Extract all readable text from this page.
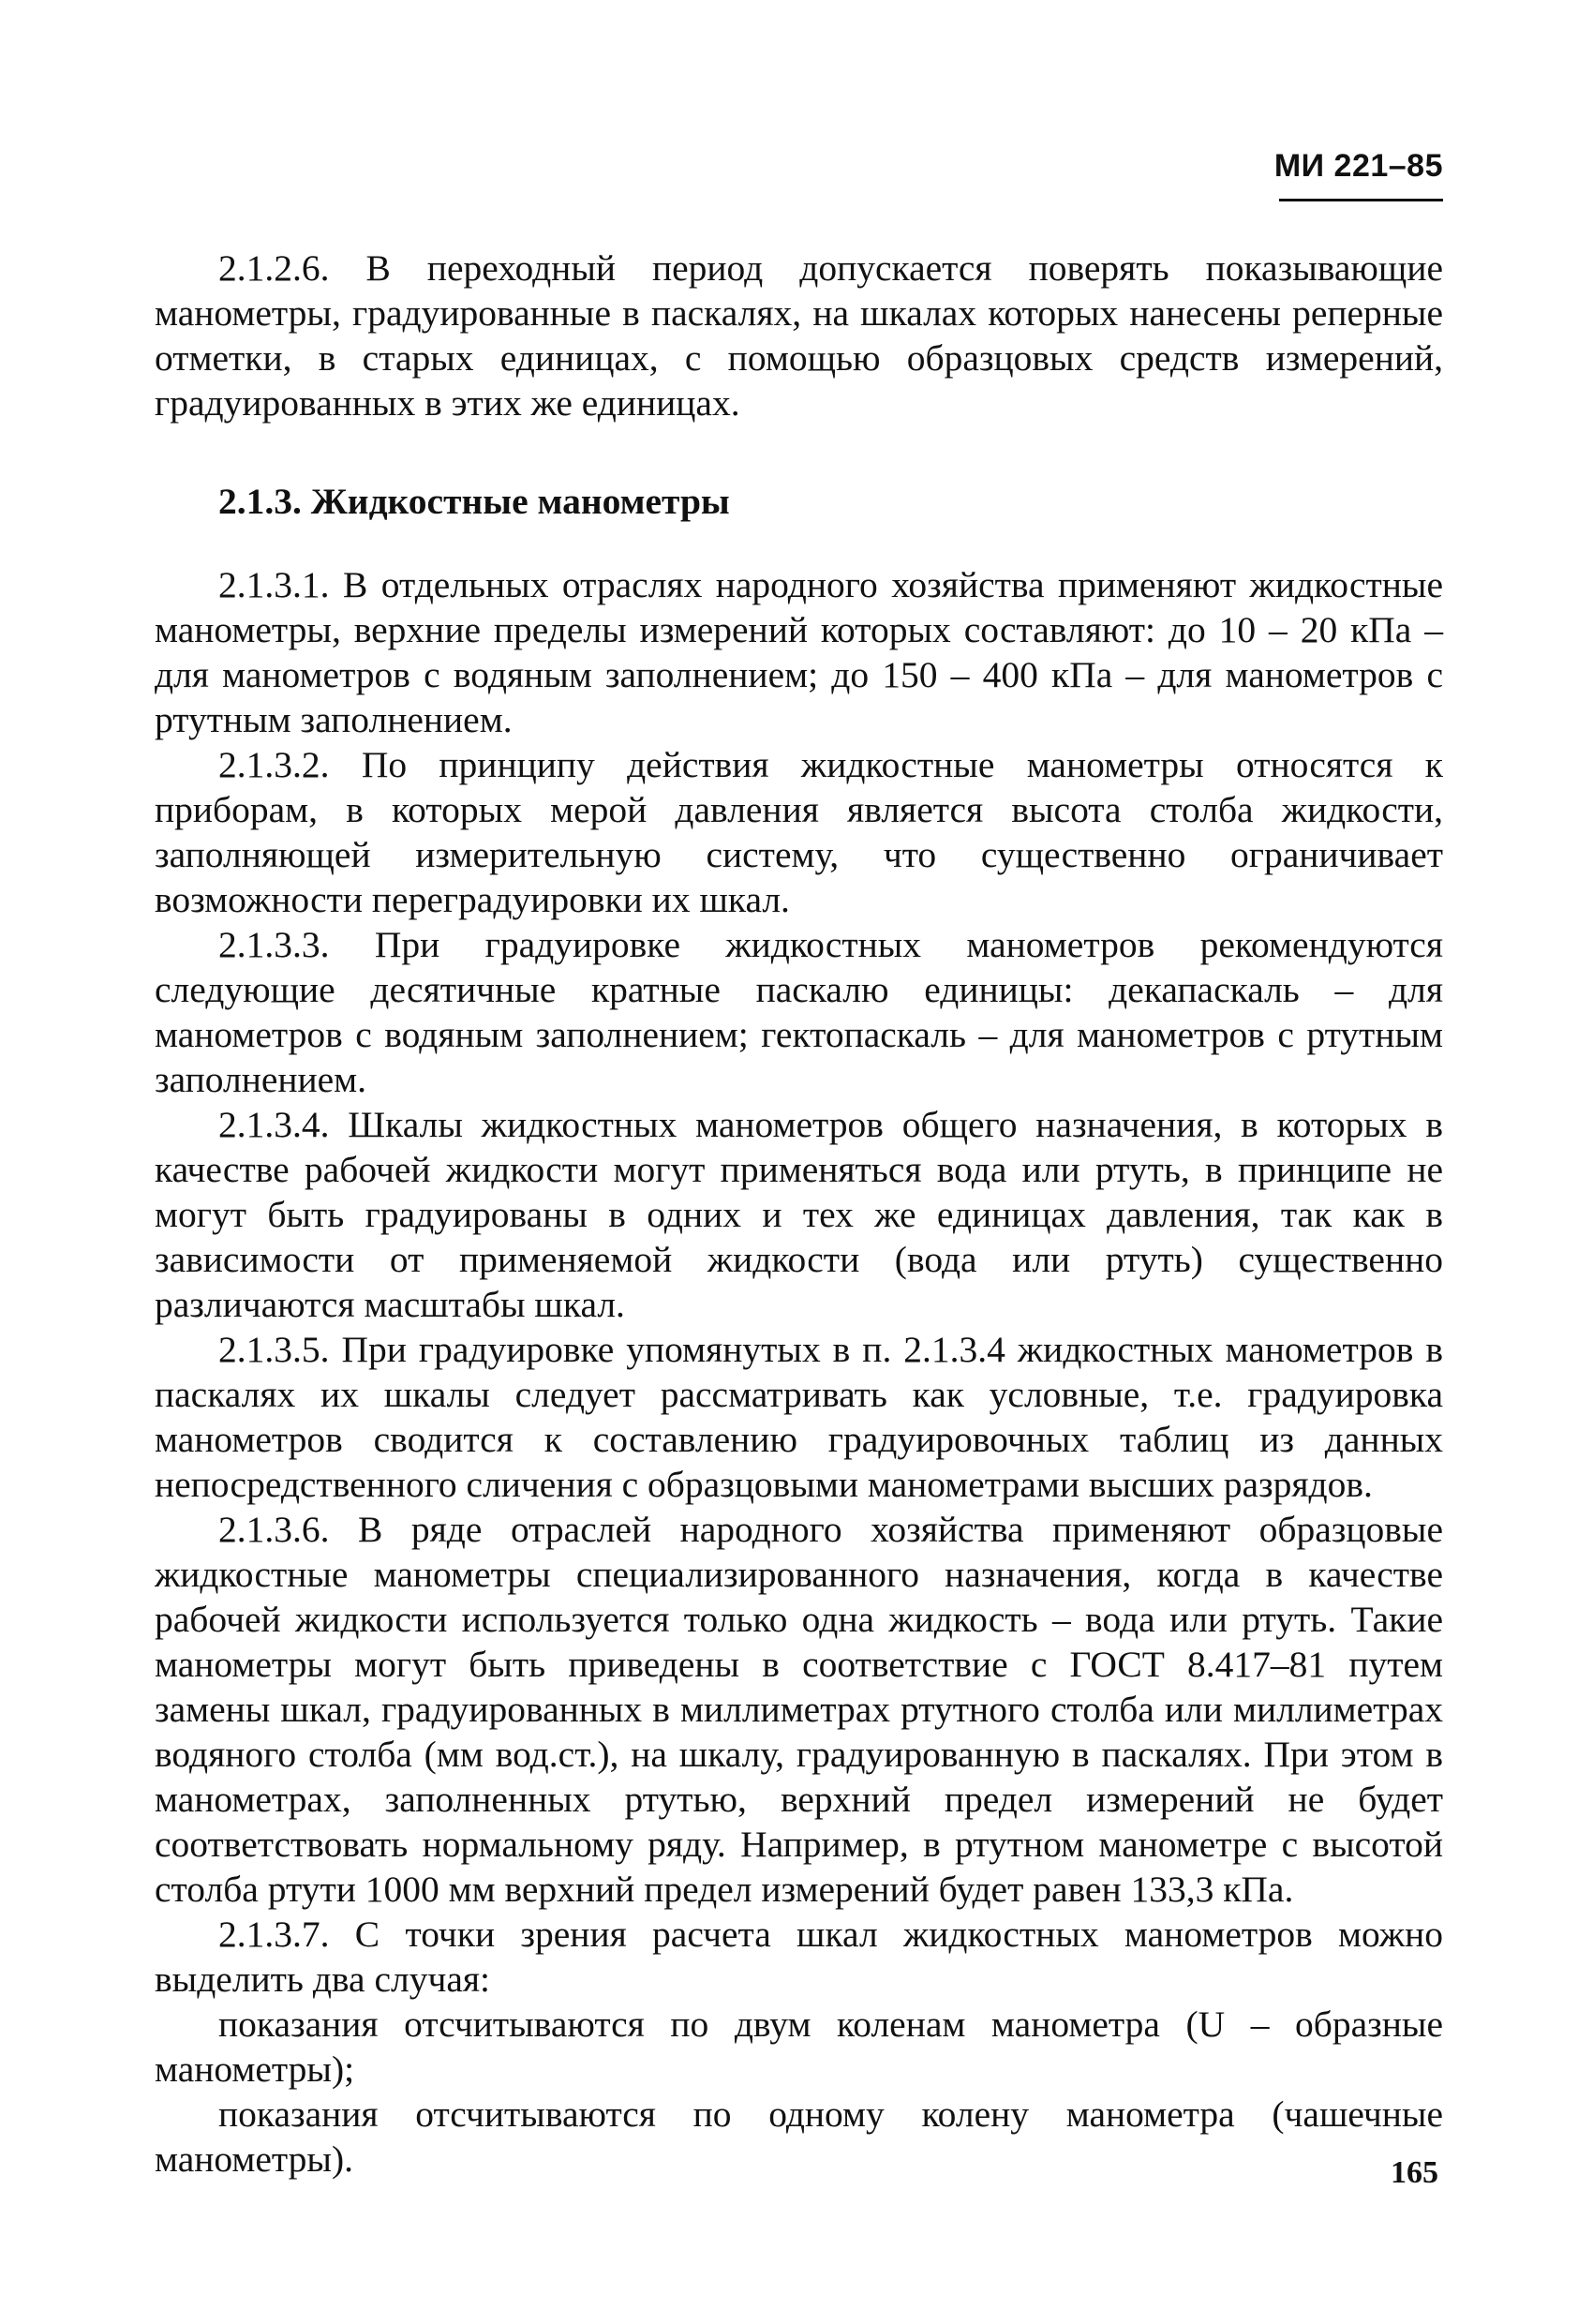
МИ 221–85

2.1.2.6. В переходный период допускается поверять показывающие манометры, градуированные в паскалях, на шкалах которых нанесены реперные отметки, в старых единицах, с помощью образцовых средств измерений, градуированных в этих же единицах.

2.1.3. Жидкостные манометры

2.1.3.1. В отдельных отраслях народного хозяйства применяют жидкостные манометры, верхние пределы измерений которых составляют: до 10 – 20 кПа – для манометров с водяным заполнением; до 150 – 400 кПа – для манометров с ртутным заполнением.

2.1.3.2. По принципу действия жидкостные манометры относятся к приборам, в которых мерой давления является высота столба жидкости, заполняющей измерительную систему, что существенно ограничивает возможности переградуировки их шкал.

2.1.3.3. При градуировке жидкостных манометров рекомендуются следующие десятичные кратные паскалю единицы: декапаскаль – для манометров с водяным заполнением; гектопаскаль – для манометров с ртутным заполнением.

2.1.3.4. Шкалы жидкостных манометров общего назначения, в которых в качестве рабочей жидкости могут применяться вода или ртуть, в принципе не могут быть градуированы в одних и тех же единицах давления, так как в зависимости от применяемой жидкости (вода или ртуть) существенно различаются масштабы шкал.

2.1.3.5. При градуировке упомянутых в п. 2.1.3.4 жидкостных манометров в паскалях их шкалы следует рассматривать как условные, т.е. градуировка манометров сводится к составлению градуировочных таблиц из данных непосредственного сличения с образцовыми манометрами высших разрядов.

2.1.3.6. В ряде отраслей народного хозяйства применяют образцовые жидкостные манометры специализированного назначения, когда в качестве рабочей жидкости используется только одна жидкость – вода или ртуть. Такие манометры могут быть приведены в соответствие с ГОСТ 8.417–81 путем замены шкал, градуированных в миллиметрах ртутного столба или миллиметрах водяного столба (мм вод.ст.), на шкалу, градуированную в паскалях. При этом в манометрах, заполненных ртутью, верхний предел измерений не будет соответствовать нормальному ряду. Например, в ртутном манометре с высотой столба ртути 1000 мм верхний предел измерений будет равен 133,3 кПа.

2.1.3.7. С точки зрения расчета шкал жидкостных манометров можно выделить два случая:

показания отсчитываются по двум коленам манометра (U – образные манометры);

показания отсчитываются по одному колену манометра (чашечные манометры).	165
